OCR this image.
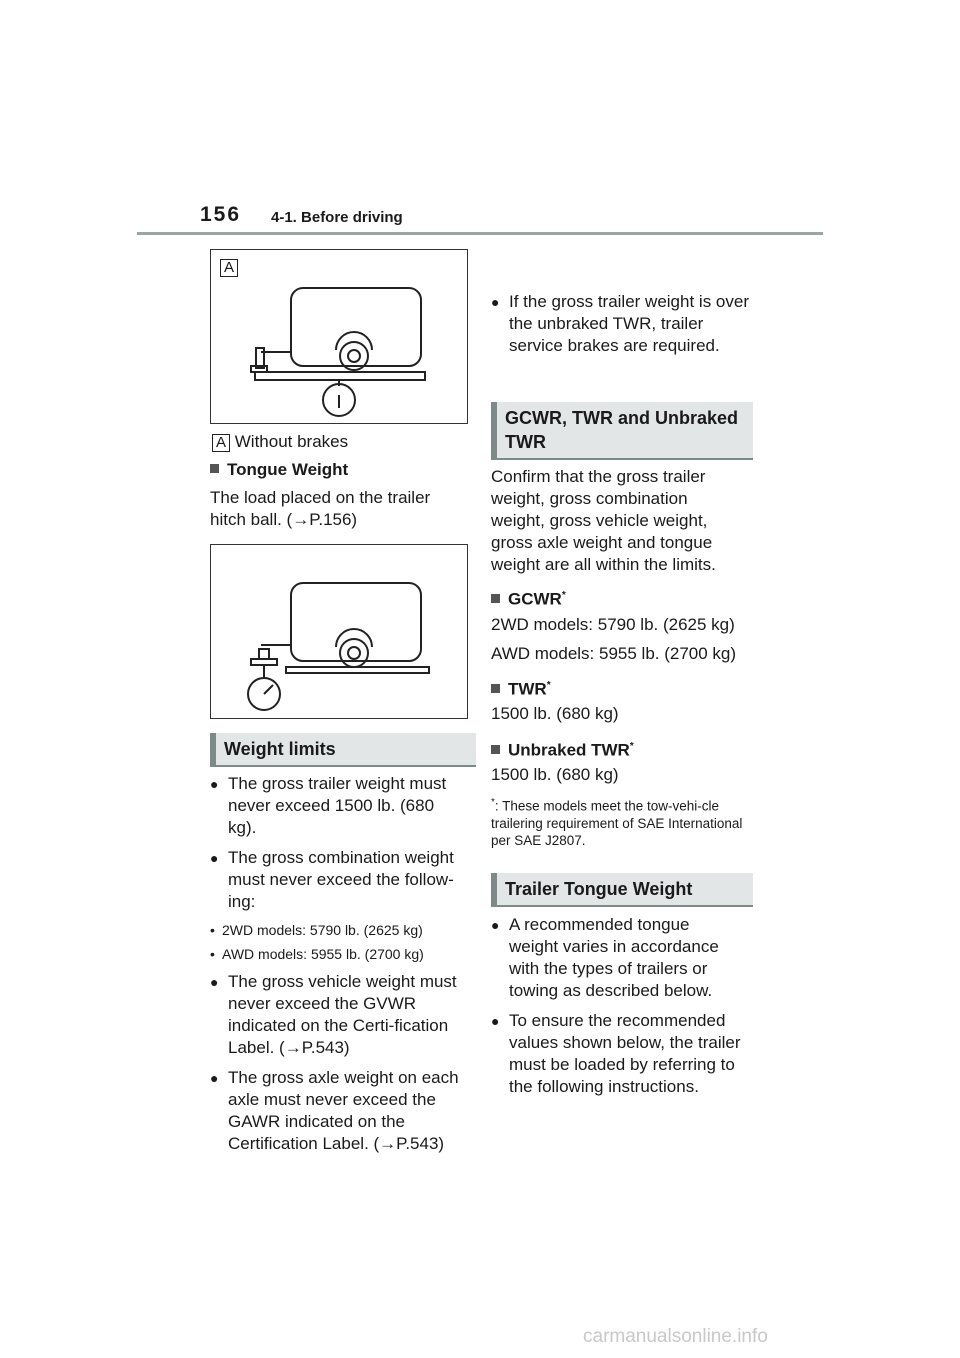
156 4-1. Before driving
A
A Without brakes
Tongue Weight
The load placed on the trailer hitch ball. (→P.156)
Weight limits
● The gross trailer weight must never exceed 1500 lb. (680 kg).
● The gross combination weight must never exceed the follow-ing:
• 2WD models: 5790 lb. (2625 kg)
• AWD models: 5955 lb. (2700 kg)
● The gross vehicle weight must never exceed the GVWR indicated on the Certi-fication Label. (→P.543)
● The gross axle weight on each axle must never exceed the GAWR indicated on the Certification Label. (→P.543)
● If the gross trailer weight is over the unbraked TWR, trailer service brakes are required.
GCWR, TWR and Unbraked TWR
Confirm that the gross trailer weight, gross combination weight, gross vehicle weight, gross axle weight and tongue weight are all within the limits.
GCWR*
2WD models: 5790 lb. (2625 kg)
AWD models: 5955 lb. (2700 kg)
TWR*
1500 lb. (680 kg)
Unbraked TWR*
1500 lb. (680 kg)
*: These models meet the tow-vehi-cle trailering requirement of SAE International per SAE J2807.
Trailer Tongue Weight
● A recommended tongue weight varies in accordance with the types of trailers or towing as described below.
● To ensure the recommended values shown below, the trailer must be loaded by referring to the following instructions.
carmanualsonline.info
